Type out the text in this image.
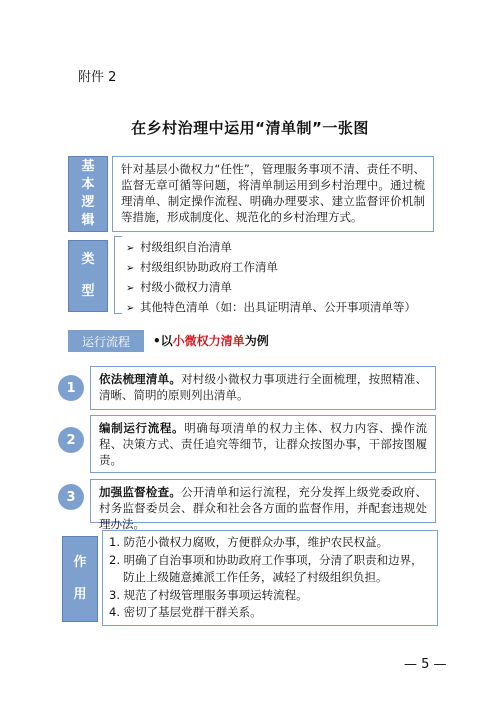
附件 2
在乡村治理中运用“清单制”一张图
基
本
逻
辑
针对基层小微权力“任性”，管理服务事项不清、责任不明、监督无章可循等问题，将清单制运用到乡村治理中。通过梳理清单、制定操作流程、明确办理要求、建立监督评价机制等措施，形成制度化、规范化的乡村治理方式。
类
型
➢ 村级组织自治清单
➢ 村级组织协助政府工作清单
➢ 村级小微权力清单
➢ 其他特色清单（如：出具证明清单、公开事项清单等）
运行流程	•以小微权力清单为例
1
依法梳理清单。对村级小微权力事项进行全面梳理，按照精准、清晰、简明的原则列出清单。
2
编制运行流程。明确每项清单的权力主体、权力内容、操作流程、决策方式、责任追究等细节，让群众按图办事，干部按图履责。
3	加强监督检查。公开清单和运行流程，充分发挥上级党委政府、村务监督委员会、群众和社会各方面的监督作用，并配套违规处理办法。
作
用
1. 防范小微权力腐败，方便群众办事，维护农民权益。
2. 明确了自治事项和协助政府工作事项，分清了职责和边界，
防止上级随意摊派工作任务，减轻了村级组织负担。
3. 规范了村级管理服务事项运转流程。
4. 密切了基层党群干群关系。
— 5 —
